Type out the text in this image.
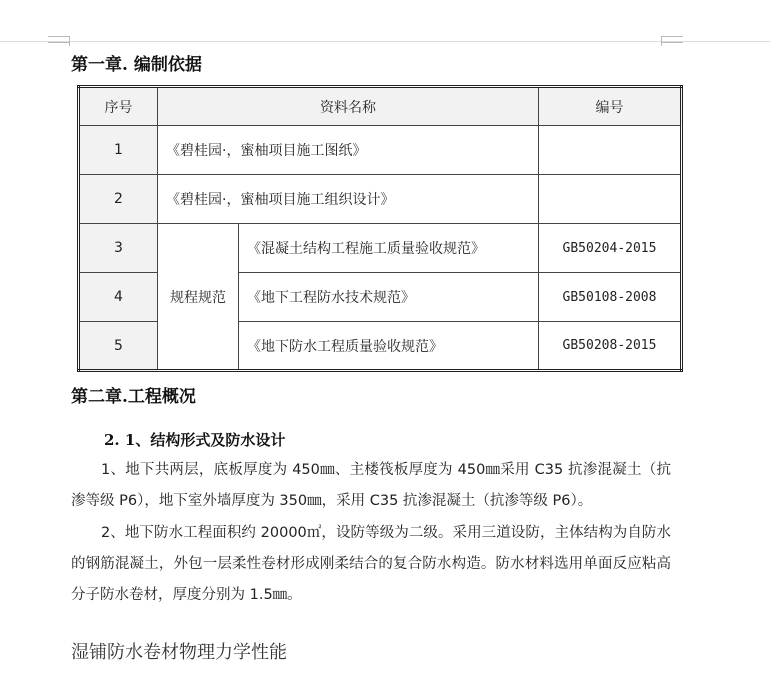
第一章. 编制依据
序号	资料名称		编号
1	《碧桂园·，蜜柚项目施工图纸》		
2	《碧桂园·，蜜柚项目施工组织设计》		
3	规程规范	《混凝土结构工程施工质量验收规范》	GB50204-2015
4		《地下工程防水技术规范》	GB50108-2008
5		《地下防水工程质量验收规范》	GB50208-2015
第二章.工程概况
2. 1、结构形式及防水设计
1、地下共两层，底板厚度为 450㎜、主楼筏板厚度为 450㎜采用 C35 抗渗混凝土（抗渗等级 P6），地下室外墙厚度为 350㎜，采用 C35 抗渗混凝土（抗渗等级 P6）。
2、地下防水工程面积约 20000㎡，设防等级为二级。采用三道设防，主体结构为自防水的钢筋混凝土，外包一层柔性卷材形成刚柔结合的复合防水构造。防水材料选用单面反应粘高分子防水卷材，厚度分别为 1.5㎜。
湿铺防水卷材物理力学性能
